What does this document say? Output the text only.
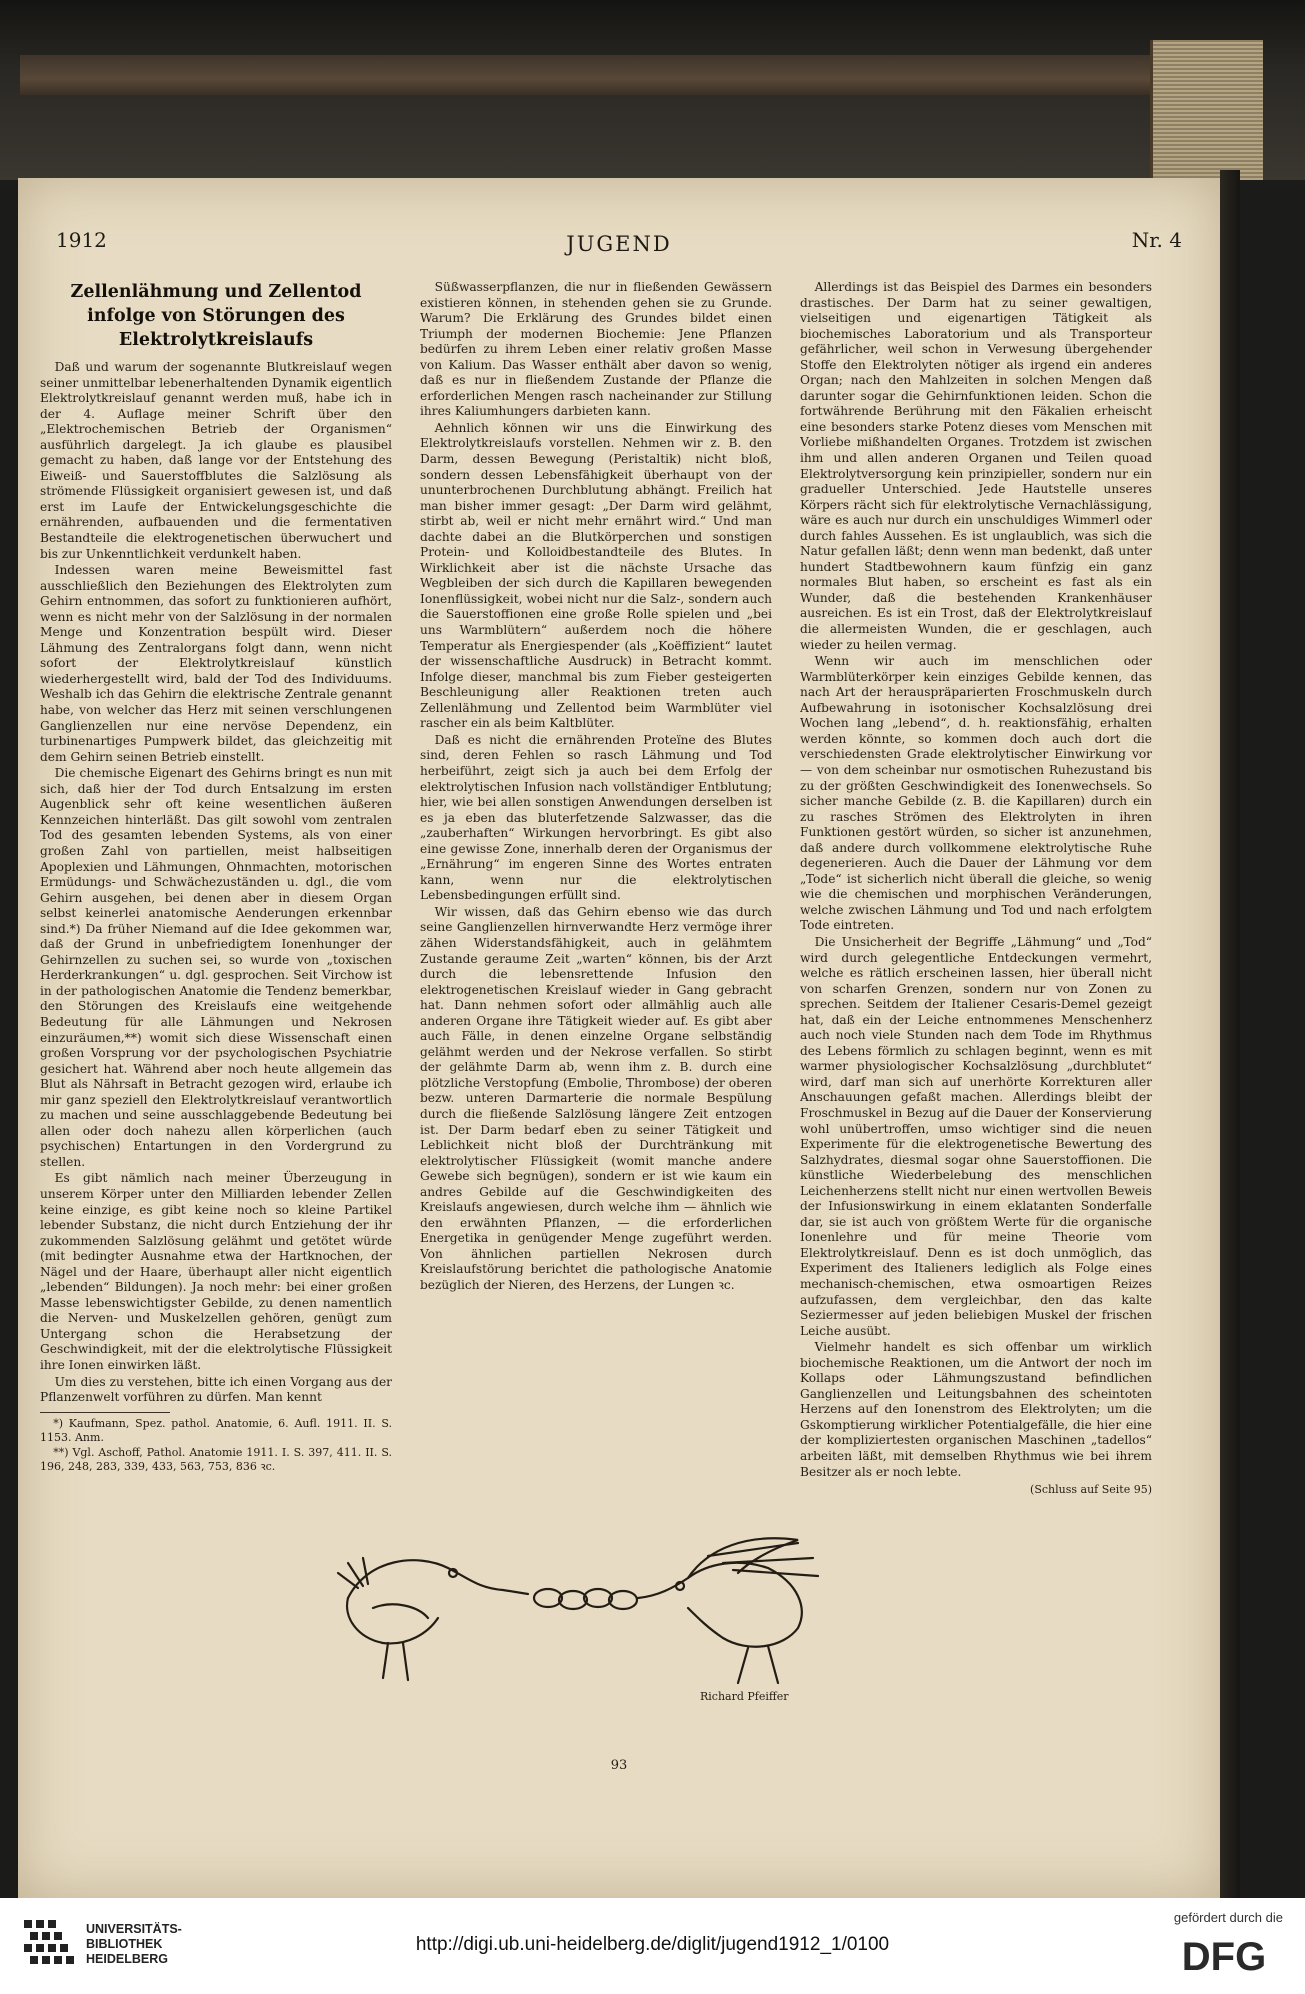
1912	JUGEND	Nr. 4
Zellenlähmung und Zellentod infolge von Störungen des Elektrolytkreislaufs

Daß und warum der sogenannte Blutkreislauf wegen seiner unmittelbar lebenerhaltenden Dynamik eigentlich Elektrolytkreislauf genannt werden muß, habe ich in der 4. Auflage meiner Schrift über den „Elektrochemischen Betrieb der Organismen“ ausführlich dargelegt. Ja ich glaube es plausibel gemacht zu haben, daß lange vor der Entstehung des Eiweiß- und Sauerstoffblutes die Salzlösung als strömende Flüssigkeit organisiert gewesen ist, und daß erst im Laufe der Entwickelungsgeschichte die ernährenden, aufbauenden und die fermentativen Bestandteile die elektrogenetischen überwuchert und bis zur Unkenntlichkeit verdunkelt haben.

Indessen waren meine Beweismittel fast ausschließlich den Beziehungen des Elektrolyten zum Gehirn entnommen, das sofort zu funktionieren aufhört, wenn es nicht mehr von der Salzlösung in der normalen Menge und Konzentration bespült wird. Dieser Lähmung des Zentralorgans folgt dann, wenn nicht sofort der Elektrolytkreislauf künstlich wiederhergestellt wird, bald der Tod des Individuums. Weshalb ich das Gehirn die elektrische Zentrale genannt habe, von welcher das Herz mit seinen verschlungenen Ganglienzellen nur eine nervöse Dependenz, ein turbinenartiges Pumpwerk bildet, das gleichzeitig mit dem Gehirn seinen Betrieb einstellt.

Die chemische Eigenart des Gehirns bringt es nun mit sich, daß hier der Tod durch Entsalzung im ersten Augenblick sehr oft keine wesentlichen äußeren Kennzeichen hinterläßt. Das gilt sowohl vom zentralen Tod des gesamten lebenden Systems, als von einer großen Zahl von partiellen, meist halbseitigen Apoplexien und Lähmungen, Ohnmachten, motorischen Ermüdungs- und Schwächezuständen u. dgl., die vom Gehirn ausgehen, bei denen aber in diesem Organ selbst keinerlei anatomische Aenderungen erkennbar sind.*) Da früher Niemand auf die Idee gekommen war, daß der Grund in unbefriedigtem Ionenhunger der Gehirnzellen zu suchen sei, so wurde von „toxischen Herderkrankungen“ u. dgl. gesprochen. Seit Virchow ist in der pathologischen Anatomie die Tendenz bemerkbar, den Störungen des Kreislaufs eine weitgehende Bedeutung für alle Lähmungen und Nekrosen einzuräumen,**) womit sich diese Wissenschaft einen großen Vorsprung vor der psychologischen Psychiatrie gesichert hat. Während aber noch heute allgemein das Blut als Nährsaft in Betracht gezogen wird, erlaube ich mir ganz speziell den Elektrolytkreislauf verantwortlich zu machen und seine ausschlaggebende Bedeutung bei allen oder doch nahezu allen körperlichen (auch psychischen) Entartungen in den Vordergrund zu stellen.

Es gibt nämlich nach meiner Überzeugung in unserem Körper unter den Milliarden lebender Zellen keine einzige, es gibt keine noch so kleine Partikel lebender Substanz, die nicht durch Entziehung der ihr zukommenden Salzlösung gelähmt und getötet würde (mit bedingter Ausnahme etwa der Hartknochen, der Nägel und der Haare, überhaupt aller nicht eigentlich „lebenden“ Bildungen). Ja noch mehr: bei einer großen Masse lebenswichtigster Gebilde, zu denen namentlich die Nerven- und Muskelzellen gehören, genügt zum Untergang schon die Herabsetzung der Geschwindigkeit, mit der die elektrolytische Flüssigkeit ihre Ionen einwirken läßt.

Um dies zu verstehen, bitte ich einen Vorgang aus der Pflanzenwelt vorführen zu dürfen. Man kennt

*) Kaufmann, Spez. pathol. Anatomie, 6. Aufl. 1911. II. S. 1153. Anm.

**) Vgl. Aschoff, Pathol. Anatomie 1911. I. S. 397, 411. II. S. 196, 248, 283, 339, 433, 563, 753, 836 ꝛc.

Süßwasserpflanzen, die nur in fließenden Gewässern existieren können, in stehenden gehen sie zu Grunde. Warum? Die Erklärung des Grundes bildet einen Triumph der modernen Biochemie: Jene Pflanzen bedürfen zu ihrem Leben einer relativ großen Masse von Kalium. Das Wasser enthält aber davon so wenig, daß es nur in fließendem Zustande der Pflanze die erforderlichen Mengen rasch nacheinander zur Stillung ihres Kaliumhungers darbieten kann.

Aehnlich können wir uns die Einwirkung des Elektrolytkreislaufs vorstellen. Nehmen wir z. B. den Darm, dessen Bewegung (Peristaltik) nicht bloß, sondern dessen Lebensfähigkeit überhaupt von der ununterbrochenen Durchblutung abhängt. Freilich hat man bisher immer gesagt: „Der Darm wird gelähmt, stirbt ab, weil er nicht mehr ernährt wird.“ Und man dachte dabei an die Blutkörperchen und sonstigen Protein- und Kolloidbestandteile des Blutes. In Wirklichkeit aber ist die nächste Ursache das Wegbleiben der sich durch die Kapillaren bewegenden Ionenflüssigkeit, wobei nicht nur die Salz-, sondern auch die Sauerstoffionen eine große Rolle spielen und „bei uns Warmblütern“ außerdem noch die höhere Temperatur als Energiespender (als „Koëffizient“ lautet der wissenschaftliche Ausdruck) in Betracht kommt. Infolge dieser, manchmal bis zum Fieber gesteigerten Beschleunigung aller Reaktionen treten auch Zellenlähmung und Zellentod beim Warmblüter viel rascher ein als beim Kaltblüter.

Daß es nicht die ernährenden Proteïne des Blutes sind, deren Fehlen so rasch Lähmung und Tod herbeiführt, zeigt sich ja auch bei dem Erfolg der elektrolytischen Infusion nach vollständiger Entblutung; hier, wie bei allen sonstigen Anwendungen derselben ist es ja eben das bluterfetzende Salzwasser, das die „zauberhaften“ Wirkungen hervorbringt. Es gibt also eine gewisse Zone, innerhalb deren der Organismus der „Ernährung“ im engeren Sinne des Wortes entraten kann, wenn nur die elektrolytischen Lebensbedingungen erfüllt sind.

Wir wissen, daß das Gehirn ebenso wie das durch seine Ganglienzellen hirnverwandte Herz vermöge ihrer zähen Widerstandsfähigkeit, auch in gelähmtem Zustande geraume Zeit „warten“ können, bis der Arzt durch die lebensrettende Infusion den elektrogenetischen Kreislauf wieder in Gang gebracht hat. Dann nehmen sofort oder allmählig auch alle anderen Organe ihre Tätigkeit wieder auf. Es gibt aber auch Fälle, in denen einzelne Organe selbständig gelähmt werden und der Nekrose verfallen. So stirbt der gelähmte Darm ab, wenn ihm z. B. durch eine plötzliche Verstopfung (Embolie, Thrombose) der oberen bezw. unteren Darmarterie die normale Bespülung durch die fließende Salzlösung längere Zeit entzogen ist. Der Darm bedarf eben zu seiner Tätigkeit und Leblichkeit nicht bloß der Durchtränkung mit elektrolytischer Flüssigkeit (womit manche andere Gewebe sich begnügen), sondern er ist wie kaum ein andres Gebilde auf die Geschwindigkeiten des Kreislaufs angewiesen, durch welche ihm — ähnlich wie den erwähnten Pflanzen, — die erforderlichen Energetika in genügender Menge zugeführt werden. Von ähnlichen partiellen Nekrosen durch Kreislaufstörung berichtet die pathologische Anatomie bezüglich der Nieren, des Herzens, der Lungen ꝛc.

Allerdings ist das Beispiel des Darmes ein besonders drastisches. Der Darm hat zu seiner gewaltigen, vielseitigen und eigenartigen Tätigkeit als biochemisches Laboratorium und als Transporteur gefährlicher, weil schon in Verwesung übergehender Stoffe den Elektrolyten nötiger als irgend ein anderes Organ; nach den Mahlzeiten in solchen Mengen daß darunter sogar die Gehirnfunktionen leiden. Schon die fortwährende Berührung mit den Fäkalien erheischt eine besonders starke Potenz dieses vom Menschen mit Vorliebe mißhandelten Organes. Trotzdem ist zwischen ihm und allen anderen Organen und Teilen quoad Elektrolytversorgung kein prinzipieller, sondern nur ein gradueller Unterschied. Jede Hautstelle unseres Körpers rächt sich für elektrolytische Vernachlässigung, wäre es auch nur durch ein unschuldiges Wimmerl oder durch fahles Aussehen. Es ist unglaublich, was sich die Natur gefallen läßt; denn wenn man bedenkt, daß unter hundert Stadtbewohnern kaum fünfzig ein ganz normales Blut haben, so erscheint es fast als ein Wunder, daß die bestehenden Krankenhäuser ausreichen. Es ist ein Trost, daß der Elektrolytkreislauf die allermeisten Wunden, die er geschlagen, auch wieder zu heilen vermag.

Wenn wir auch im menschlichen oder Warmblüterkörper kein einziges Gebilde kennen, das nach Art der herauspräparierten Froschmuskeln durch Aufbewahrung in isotonischer Kochsalzlösung drei Wochen lang „lebend“, d. h. reaktionsfähig, erhalten werden könnte, so kommen doch auch dort die verschiedensten Grade elektrolytischer Einwirkung vor — von dem scheinbar nur osmotischen Ruhezustand bis zu der größten Geschwindigkeit des Ionenwechsels. So sicher manche Gebilde (z. B. die Kapillaren) durch ein zu rasches Strömen des Elektrolyten in ihren Funktionen gestört würden, so sicher ist anzunehmen, daß andere durch vollkommene elektrolytische Ruhe degenerieren. Auch die Dauer der Lähmung vor dem „Tode“ ist sicherlich nicht überall die gleiche, so wenig wie die chemischen und morphischen Veränderungen, welche zwischen Lähmung und Tod und nach erfolgtem Tode eintreten.

Die Unsicherheit der Begriffe „Lähmung“ und „Tod“ wird durch gelegentliche Entdeckungen vermehrt, welche es rätlich erscheinen lassen, hier überall nicht von scharfen Grenzen, sondern nur von Zonen zu sprechen. Seitdem der Italiener Cesaris-Demel gezeigt hat, daß ein der Leiche entnommenes Menschenherz auch noch viele Stunden nach dem Tode im Rhythmus des Lebens förmlich zu schlagen beginnt, wenn es mit warmer physiologischer Kochsalzlösung „durchblutet“ wird, darf man sich auf unerhörte Korrekturen aller Anschauungen gefaßt machen. Allerdings bleibt der Froschmuskel in Bezug auf die Dauer der Konservierung wohl unübertroffen, umso wichtiger sind die neuen Experimente für die elektrogenetische Bewertung des Salzhydrates, diesmal sogar ohne Sauerstoffionen. Die künstliche Wiederbelebung des menschlichen Leichenherzens stellt nicht nur einen wertvollen Beweis der Infusionswirkung in einem eklatanten Sonderfalle dar, sie ist auch von größtem Werte für die organische Ionenlehre und für meine Theorie vom Elektrolytkreislauf. Denn es ist doch unmöglich, das Experiment des Italieners lediglich als Folge eines mechanisch-chemischen, etwa osmoartigen Reizes aufzufassen, dem vergleichbar, den das kalte Seziermesser auf jeden beliebigen Muskel der frischen Leiche ausübt.

Vielmehr handelt es sich offenbar um wirklich biochemische Reaktionen, um die Antwort der noch im Kollaps oder Lähmungszustand befindlichen Ganglienzellen und Leitungsbahnen des scheintoten Herzens auf den Ionenstrom des Elektrolyten; um die Gskomptierung wirklicher Potentialgefälle, die hier eine der kompliziertesten organischen Maschinen „tadellos“ arbeiten läßt, mit demselben Rhythmus wie bei ihrem Besitzer als er noch lebte.

(Schluss auf Seite 95)
Richard Pfeiffer
93
UNIVERSITÄTS-
BIBLIOTHEK
HEIDELBERG
http://digi.ub.uni-heidelberg.de/diglit/jugend1912_1/0100
gefördert durch die
DFG
